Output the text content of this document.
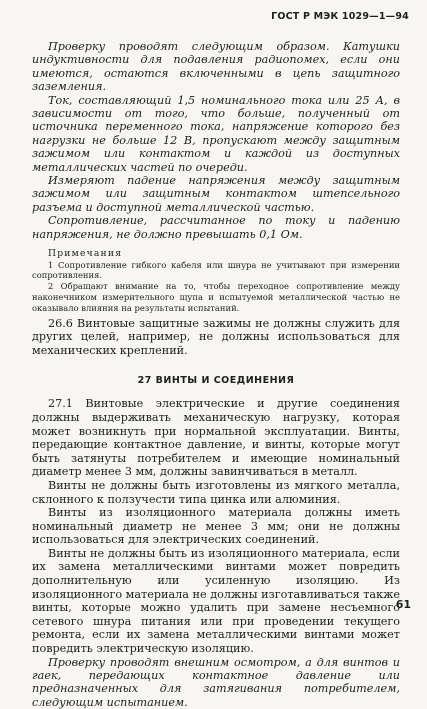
ГОСТ Р МЭК 1029—1—94

Проверку проводят следующим образом. Катушки индуктивности для подавления радиопомех, если они имеются, остаются включенными в цепь защитного заземления.

Ток, составляющий 1,5 номинального тока или 25 А, в зависимости от того, что больше, полученный от источника переменного тока, напряжение которого без нагрузки не больше 12 В, пропускают между защитным зажимом или контактом и каждой из доступных металлических частей по очереди.

Измеряют падение напряжения между защитным зажимом или защитным контактом штепсельного разъема и доступной металлической частью.

Сопротивление, рассчитанное по току и падению напряжения, не должно превышать 0,1 Ом.

Примечания

1 Сопротивление гибкого кабеля или шнура не учитывают при измерении сопротивления.

2 Обращают внимание на то, чтобы переходное сопротивление между наконечником измерительного щупа и испытуемой металлической частью не оказывало влияния на результаты испытаний.

26.6 Винтовые защитные зажимы не должны служить для других целей, например, не должны использоваться для механических креплений.

27 ВИНТЫ И СОЕДИНЕНИЯ

27.1 Винтовые электрические и другие соединения должны выдерживать механическую нагрузку, которая может возникнуть при нормальной эксплуатации. Винты, передающие контактное давление, и винты, которые могут быть затянуты потребителем и имеющие номинальный диаметр менее 3 мм, должны завинчиваться в металл.

Винты не должны быть изготовлены из мягкого металла, склонного к ползучести типа цинка или алюминия.

Винты из изоляционного материала должны иметь номинальный диаметр не менее 3 мм; они не должны использоваться для электрических соединений.

Винты не должны быть из изоляционного материала, если их замена металлическими винтами может повредить дополнительную или усиленную изоляцию. Из изоляционного материала не должны изготавливаться также винты, которые можно удалить при замене несъемного сетевого шнура питания или при проведении текущего ремонта, если их замена металлическими винтами может повредить электрическую изоляцию.

Проверку проводят внешним осмотром, а для винтов и гаек, передающих контактное давление или предназначенных для затягивания потребителем, следующим испытанием.

61
